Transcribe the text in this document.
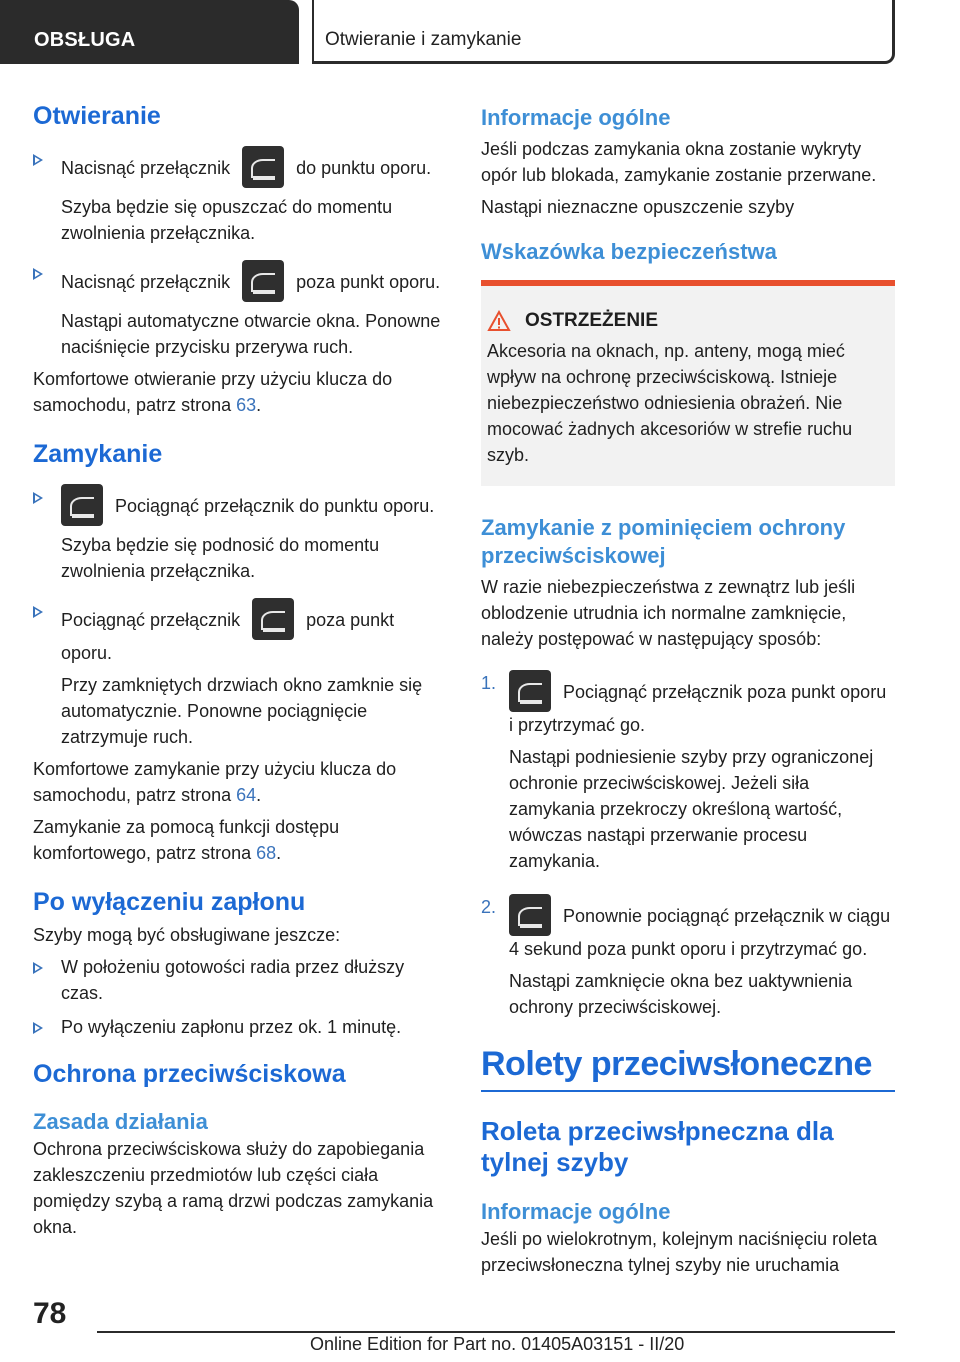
OBSŁUGA	Otwieranie i zamykanie
Otwieranie
Nacisnąć przełącznik	do punktu oporu.

Szyba będzie się opuszczać do momentu zwolnienia przełącznika.

Nacisnąć przełącznik	poza punkt oporu.

Nastąpi automatyczne otwarcie okna. Ponowne naciśnięcie przycisku przerywa ruch.

Komfortowe otwieranie przy użyciu klucza do samochodu, patrz strona 63.

Zamykanie
Pociągnąć przełącznik do punktu oporu.

Szyba będzie się podnosić do momentu zwolnienia przełącznika.

Pociągnąć przełącznik	poza punkt oporu.

Przy zamkniętych drzwiach okno zamknie się automatycznie. Ponowne pociągnięcie zatrzymuje ruch.

Komfortowe zamykanie przy użyciu klucza do samochodu, patrz strona 64.

Zamykanie za pomocą funkcji dostępu komfortowego, patrz strona 68.

Po wyłączeniu zapłonu

Szyby mogą być obsługiwane jeszcze:

W położeniu gotowości radia przez dłuższy czas.
Po wyłączeniu zapłonu przez ok. 1 minutę.
Ochrona przeciwściskowa
Zasada działania

Ochrona przeciwściskowa służy do zapobiegania zakleszczeniu przedmiotów lub części ciała pomiędzy szybą a ramą drzwi podczas zamykania okna.

Informacje ogólne

Jeśli podczas zamykania okna zostanie wykryty opór lub blokada, zamykanie zostanie przerwane.

Nastąpi nieznaczne opuszczenie szyby

Wskazówka bezpieczeństwa
OSTRZEŻENIE

Akcesoria na oknach, np. anteny, mogą mieć wpływ na ochronę przeciwściskową. Istnieje niebezpieczeństwo odniesienia obrażeń. Nie mocować żadnych akcesoriów w strefie ruchu szyb.

Zamykanie z pominięciem ochrony przeciwściskowej

W razie niebezpieczeństwa z zewnątrz lub jeśli oblodzenie utrudnia ich normalne zamknięcie, należy postępować w następujący sposób:

1.	Pociągnąć przełącznik poza punkt oporu i przytrzymać go.

Nastąpi podniesienie szyby przy ograniczonej ochronie przeciwściskowej. Jeżeli siła zamykania przekroczy określoną wartość, wówczas nastąpi przerwanie procesu zamykania.

2.	Ponownie pociągnąć przełącznik w ciągu 4 sekund poza punkt oporu i przytrzymać go.

Nastąpi zamknięcie okna bez uaktywnienia ochrony przeciwściskowej.

Rolety przeciwsłoneczne
Roleta przeciwsłpneczna dla tylnej szyby
Informacje ogólne

Jeśli po wielokrotnym, kolejnym naciśnięciu roleta przeciwsłoneczna tylnej szyby nie uruchamia

78
Online Edition for Part no. 01405A03151 - II/20
